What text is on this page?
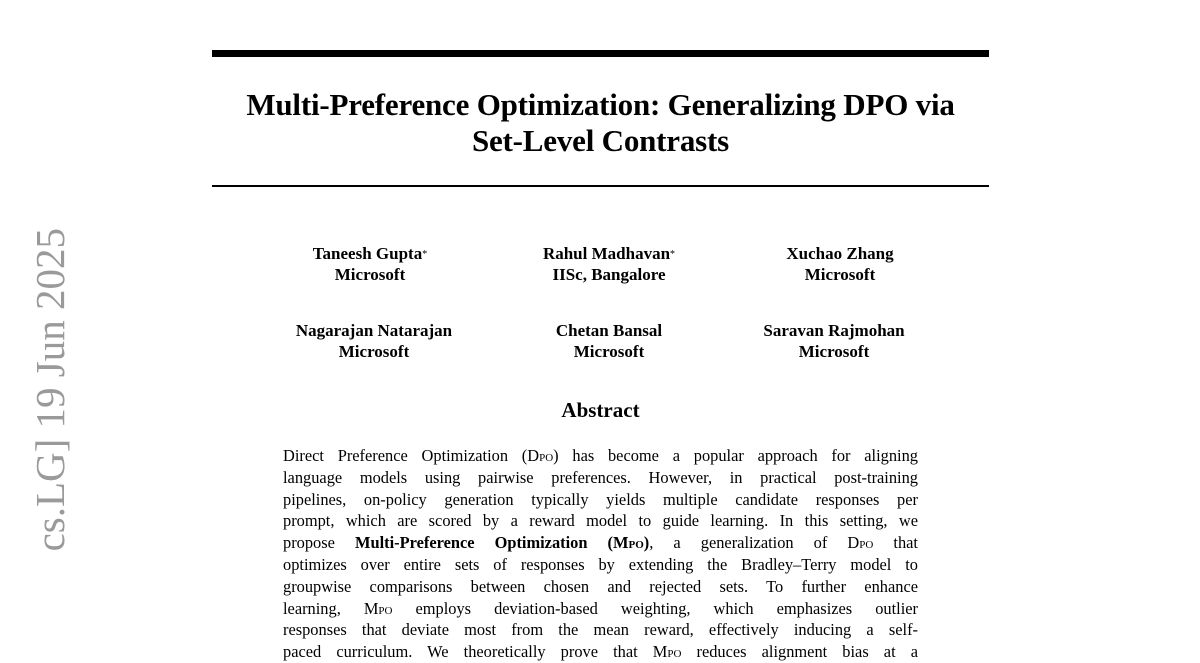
Multi-Preference Optimization: Generalizing DPO via
Set-Level Contrasts
Taneesh Gupta*
Microsoft
Rahul Madhavan*
IISc, Bangalore
Xuchao Zhang
Microsoft
Nagarajan Natarajan
Microsoft
Chetan Bansal
Microsoft
Saravan Rajmohan
Microsoft
Abstract
Direct Preference Optimization (Dpo) has become a popular approach for aligning
language models using pairwise preferences. However, in practical post-training
pipelines, on-policy generation typically yields multiple candidate responses per
prompt, which are scored by a reward model to guide learning. In this setting, we
propose Multi-Preference Optimization (Mpo), a generalization of Dpo that
optimizes over entire sets of responses by extending the Bradley–Terry model to
groupwise comparisons between chosen and rejected sets. To further enhance
learning, Mpo employs deviation-based weighting, which emphasizes outlier
responses that deviate most from the mean reward, effectively inducing a self-
paced curriculum. We theoretically prove that Mpo reduces alignment bias at a
cs.LG] 19 Jun 2025
